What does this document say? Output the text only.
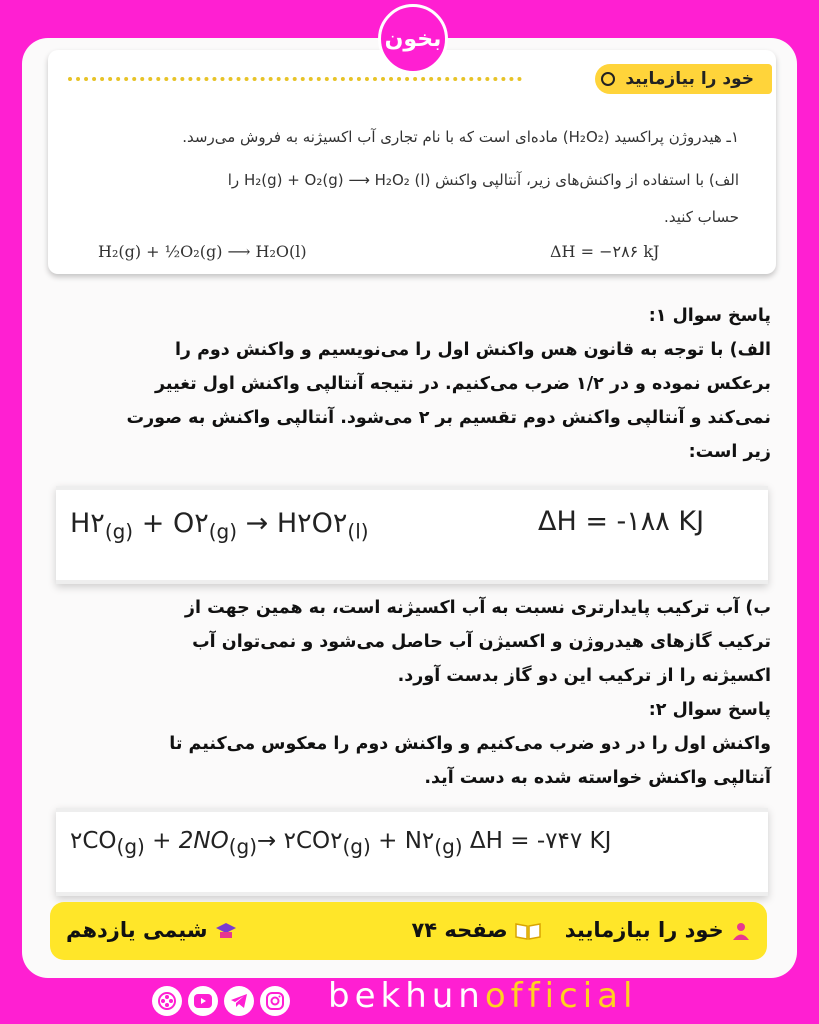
بخون
خود را بیازمایید
۱ـ هیدروژن پراکسید (H₂O₂) ماده‌ای است که با نام تجاری آب اکسیژنه به فروش می‌رسد.
الف) با استفاده از واکنش‌های زیر، آنتالپی واکنش (l) H₂(g) + O₂(g) ⟶ H₂O₂ را
حساب کنید.
H₂(g) + ½O₂(g) ⟶ H₂O(l)	ΔH = −۲۸۶ kJ
پاسخ سوال ۱:
الف) با توجه به قانون هس واکنش اول را می‌نویسیم و واکنش دوم را
برعکس نموده و در ۱/۲ ضرب می‌کنیم. در نتیجه آنتالپی واکنش اول تغییر
نمی‌کند و آنتالپی واکنش دوم تقسیم بر ۲ می‌شود. آنتالپی واکنش به صورت
زیر است:
$H۲_{(g)}$ + $O۲_{(g)}$ → $H۲O۲_{(l)}$	ΔH = -۱۸۸ KJ
ب) آب ترکیب پایدارتری نسبت به آب اکسیژنه است، به همین جهت از
ترکیب گازهای هیدروژن و اکسیژن آب حاصل می‌شود و نمی‌توان آب
اکسیژنه را از ترکیب این دو گاز بدست آورد.
پاسخ سوال ۲:
واکنش اول را در دو ضرب می‌کنیم و واکنش دوم را معکوس می‌کنیم تا
آنتالپی واکنش خواسته شده به دست آید.
$۲CO_{(g)} + 2NO_{(g)}\to$ $۲CO۲_{(g)}$ + $N۲_{(g)}$ ΔH = -۷۴۷ KJ
خود را بیازمایید
صفحه ۷۴
شیمی یازدهم
bekhunofficial
